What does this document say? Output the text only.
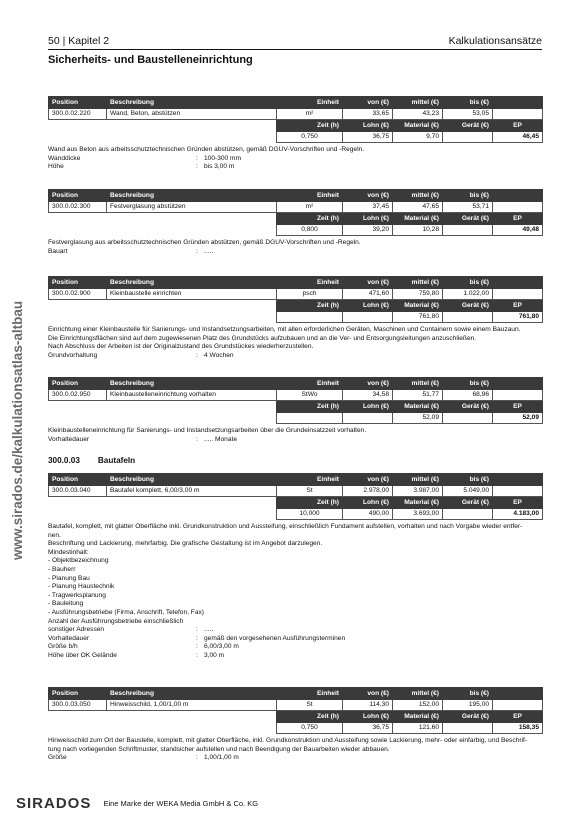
50 | Kapitel 2	Kalkulationsansätze
Sicherheits- und Baustelleneinrichtung
www.sirados.de/kalkulationsatlas-altbau
Position	Beschreibung	Einheit	von (€)	mittel (€)	bis (€)	
300.0.02.220	Wand, Beton, abstützen	m²	33,65	43,23	53,05	
		Zeit (h)	Lohn (€)	Material (€)	Gerät (€)	EP
		0,750	36,75	9,70		46,45
Wand aus Beton aus arbeitsschutztechnischen Gründen abstützen, gemäß DGUV-Vorschriften und -Regeln.
Wanddicke	: 100-300 mm
Höhe	: bis 3,00 m
Position	Beschreibung	Einheit	von (€)	mittel (€)	bis (€)	
300.0.02.300	Festverglasung abstützen	m²	37,45	47,65	53,71	
		Zeit (h)	Lohn (€)	Material (€)	Gerät (€)	EP
		0,800	39,20	10,28		49,48
Festverglasung aus arbeitsschutztechnischen Gründen abstützen, gemäß DGUV-Vorschriften und -Regeln.
Bauart	: .....
Position	Beschreibung	Einheit	von (€)	mittel (€)	bis (€)	
300.0.02.900	Kleinbaustelle einrichten	psch	471,60	759,80	1.022,00	
		Zeit (h)	Lohn (€)	Material (€)	Gerät (€)	EP
				761,80		761,80
Einrichtung einer Kleinbaustelle für Sanierungs- und Instandsetzungsarbeiten, mit allen erforderlichen Geräten, Maschinen und Containern sowie einem Bauzaun.
Die Einrichtungsflächen sind auf dem zugewiesenen Platz des Grundstücks aufzubauen und an die Ver- und Entsorgungsleitungen anzuschließen.
Nach Abschluss der Arbeiten ist der Originalzustand des Grundstückes wiederherzustellen.
Grundvorhaltung	: 4 Wochen
Position	Beschreibung	Einheit	von (€)	mittel (€)	bis (€)	
300.0.02.950	Kleinbaustelleneinrichtung vorhalten	StWo	34,58	51,77	68,96	
		Zeit (h)	Lohn (€)	Material (€)	Gerät (€)	EP
				52,09		52,09
Kleinbaustelleneinrichtung für Sanierungs- und Instandsetzungsarbeiten über die Grundeinsatzzeit vorhalten.
Vorhaltedauer	: ..... Monate
300.0.03 Bautafeln
Position	Beschreibung	Einheit	von (€)	mittel (€)	bis (€)	
300.0.03.040	Bautafel komplett, 6,00/3,00 m	St	2.978,00	3.987,00	5.049,00	
		Zeit (h)	Lohn (€)	Material (€)	Gerät (€)	EP
		10,000	490,00	3.693,00		4.183,00
Bautafel, komplett, mit glatter Oberfläche inkl. Grundkonstruktion und Aussteifung, einschließlich Fundament aufstellen, vorhalten und nach Vorgabe wieder entfer-
nen.
Beschriftung und Lackierung, mehrfarbig. Die grafische Gestaltung ist im Angebot darzulegen.
Mindestinhalt:
- Objektbezeichnung
- Bauherr
- Planung Bau
- Planung Haustechnik
- Tragwerksplanung
- Bauleitung
- Ausführungsbetriebe (Firma, Anschrift, Telefon, Fax)
Anzahl der Ausführungsbetriebe einschließlich
sonstiger Adressen	: .....
Vorhaltedauer	: gemäß den vorgesehenen Ausführungsterminen
Größe b/h	: 6,00/3,00 m
Höhe über OK Gelände	: 3,00 m
Position	Beschreibung	Einheit	von (€)	mittel (€)	bis (€)	
300.0.03.050	Hinweisschild, 1,00/1,00 m	St	114,30	152,00	195,00	
		Zeit (h)	Lohn (€)	Material (€)	Gerät (€)	EP
		0,750	36,75	121,60		158,35
Hinweisschild zum Ort der Baustelle, komplett, mit glatter Oberfläche, inkl. Grundkonstruktion und Aussteifung sowie Lackierung, mehr- oder einfarbig, und Beschrif-
tung nach vorliegenden Schriftmuster, standsicher aufstellen und nach Beendigung der Bauarbeiten wieder abbauen.
Größe	: 1,00/1,00 m
SIRADOS Eine Marke der WEKA Media GmbH & Co. KG
